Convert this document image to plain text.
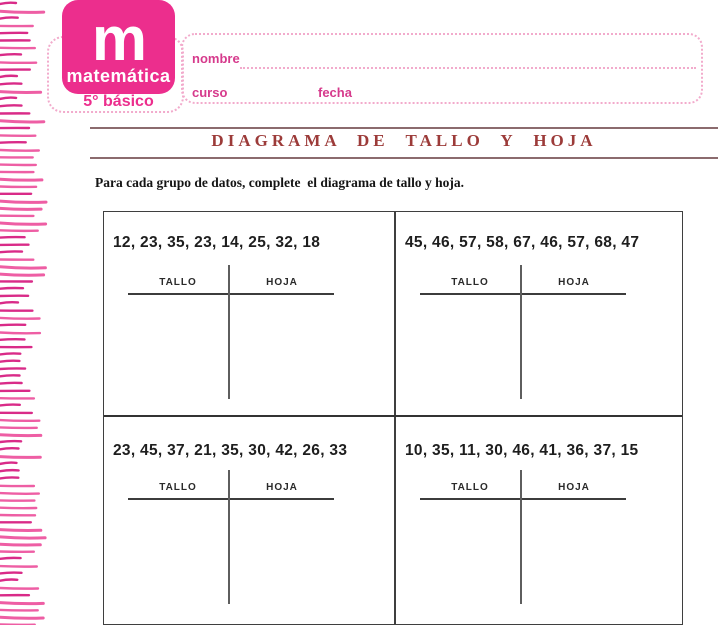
m
matemática
5° básico
nombre
curso	fecha
DIAGRAMA DE TALLO Y HOJA
Para cada grupo de datos, complete  el diagrama de tallo y hoja.
12, 23, 35, 23, 14, 25, 32, 18
TALLO	HOJA
45, 46, 57, 58, 67, 46, 57, 68, 47
TALLO	HOJA
23, 45, 37, 21, 35, 30, 42, 26, 33
TALLO	HOJA
10, 35, 11, 30, 46, 41, 36, 37, 15
TALLO	HOJA
